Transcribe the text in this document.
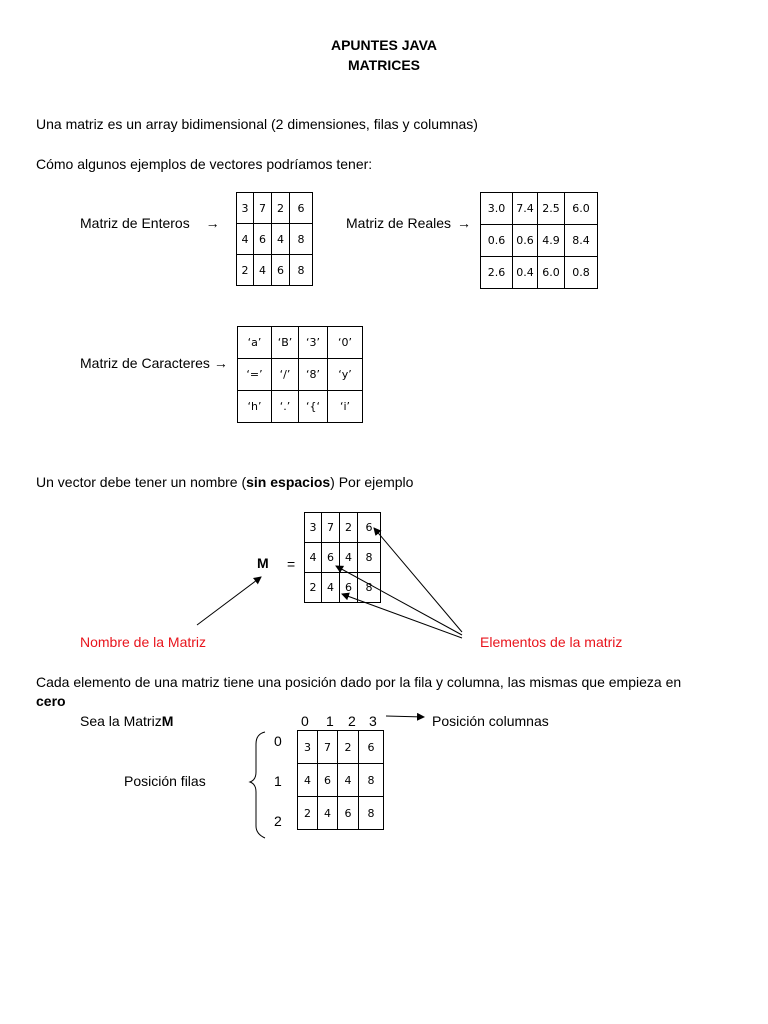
APUNTES JAVA
MATRICES
Una matriz es un array bidimensional (2 dimensiones, filas y columnas)
Cómo algunos ejemplos de vectores podríamos tener:
Matriz de Enteros →
3	7	2	6
4	6	4	8
2	4	6	8
Matriz de Reales →
3.0	7.4	2.5	6.0
0.6	0.6	4.9	8.4
2.6	0.4	6.0	0.8
Matriz de Caracteres →
‘a’	‘B’	‘3’	‘0’
‘=’	‘/’	‘8’	‘y’
‘h’	‘.’	‘{‘	‘i’
Un vector debe tener un nombre (sin espacios) Por ejemplo
M =
3	7	2	6
4	6	4	8
2	4	6	8
Nombre de la Matriz	Elementos de la matriz
Cada elemento de una matriz tiene una posición dado por la fila y columna, las mismas que empieza en
cero
Sea la MatrizM	0 1 2 3	Posición columnas
0
1
2
Posición filas
3	7	2	6
4	6	4	8
2	4	6	8
